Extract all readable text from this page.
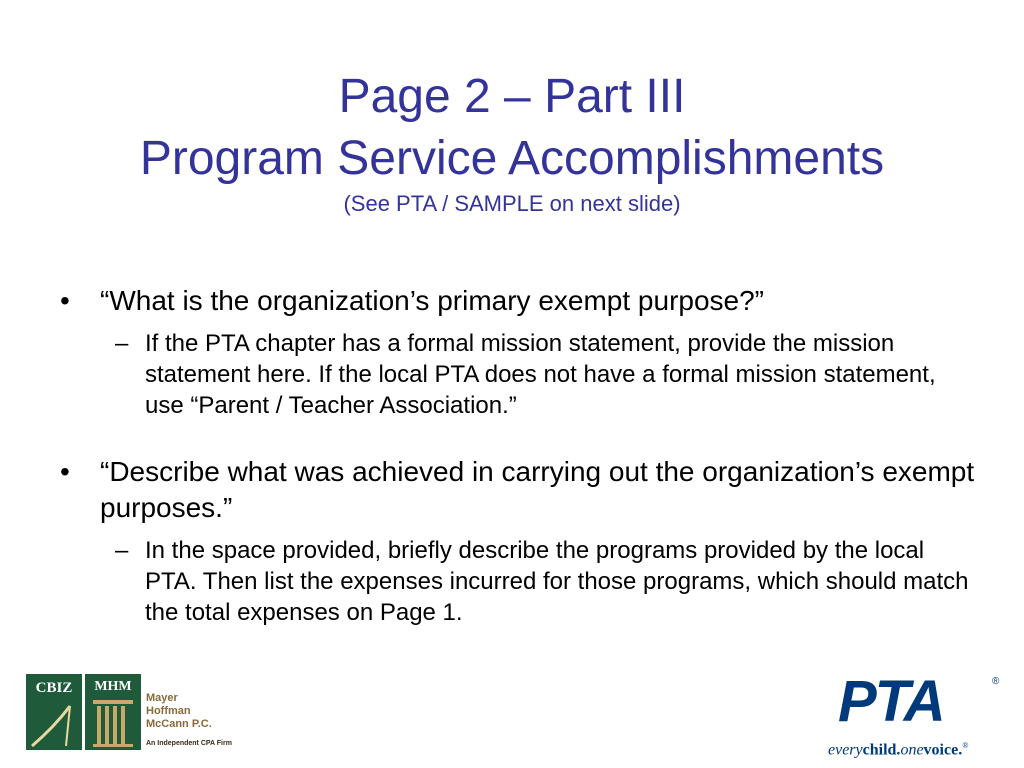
Page 2 – Part III
Program Service Accomplishments
(See PTA / SAMPLE on next slide)
• “What is the organization’s primary exempt purpose?”
– If the PTA chapter has a formal mission statement, provide the mission statement here. If the local PTA does not have a formal mission statement, use “Parent / Teacher Association.”
• “Describe what was achieved in carrying out the organization’s exempt purposes.”
– In the space provided, briefly describe the programs provided by the local PTA. Then list the expenses incurred for those programs, which should match the total expenses on Page 1.
CBIZ	MHM
Mayer
Hoffman
McCann P.C.
An Independent CPA Firm
PTA	®
everychild.onevoice.®
